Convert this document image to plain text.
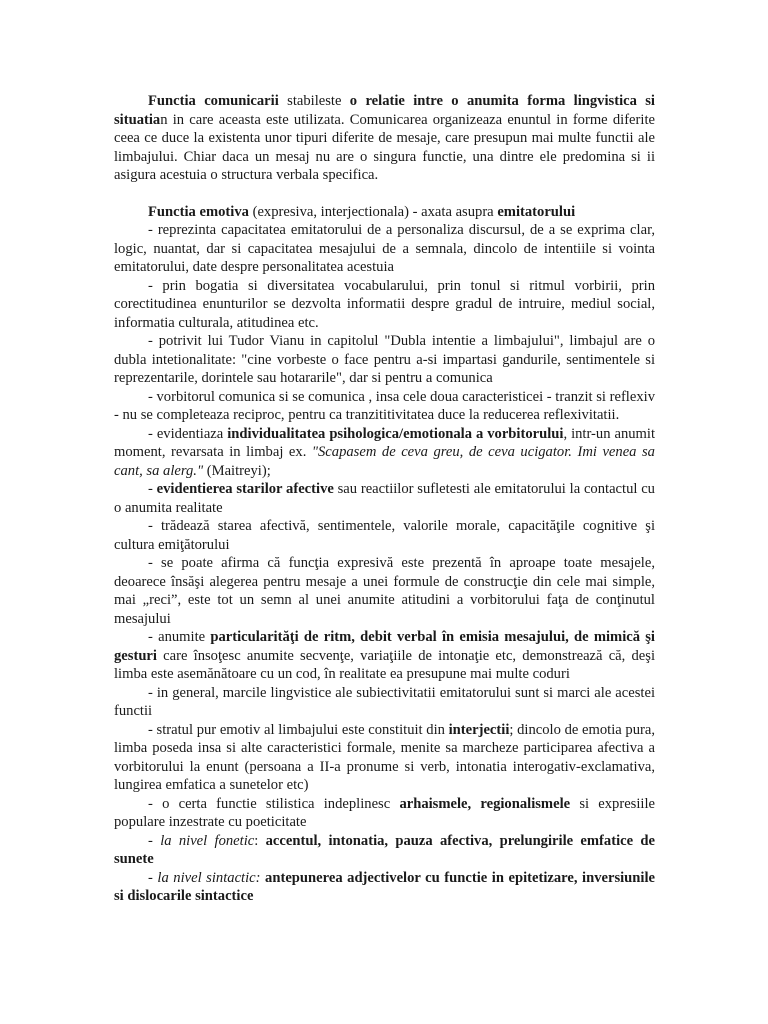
Functia comunicarii stabileste o relatie intre o anumita forma lingvistica si situatian in care aceasta este utilizata. Comunicarea organizeaza enuntul in forme diferite ceea ce duce la existenta unor tipuri diferite de mesaje, care presupun mai multe functii ale limbajului. Chiar daca un mesaj nu are o singura functie, una dintre ele predomina si ii asigura acestuia o structura verbala specifica.

Functia emotiva (expresiva, interjectionala) - axata asupra emitatorului

- reprezinta capacitatea emitatorului de a personaliza discursul, de a se exprima clar, logic, nuantat, dar si capacitatea mesajului de a semnala, dincolo de intentiile si vointa emitatorului, date despre personalitatea acestuia

- prin bogatia si diversitatea vocabularului, prin tonul si ritmul vorbirii, prin corectitudinea enunturilor se dezvolta informatii despre gradul de intruire, mediul social, informatia culturala, atitudinea etc.

- potrivit lui Tudor Vianu in capitolul "Dubla intentie a limbajului", limbajul are o dubla intetionalitate: "cine vorbeste o face pentru a-si impartasi gandurile, sentimentele si reprezentarile, dorintele sau hotararile", dar si pentru a comunica

- vorbitorul comunica si se comunica , insa cele doua caracteristicei - tranzit si reflexiv - nu se completeaza reciproc, pentru ca tranzititivitatea duce la reducerea reflexivitatii.

- evidentiaza individualitatea psihologica/emotionala a vorbitorului, intr-un anumit moment, revarsata in limbaj ex. "Scapasem de ceva greu, de ceva ucigator. Imi venea sa cant, sa alerg." (Maitreyi);

- evidentierea starilor afective sau reactiilor sufletesti ale emitatorului la contactul cu o anumita realitate

- trădează starea afectivă, sentimentele, valorile morale, capacităţile cognitive şi cultura emiţătorului

- se poate afirma că funcţia expresivă este prezentă în aproape toate mesajele, deoarece însăşi alegerea pentru mesaje a unei formule de construcţie din cele mai simple, mai „reci”, este tot un semn al unei anumite atitudini a vorbitorului faţa de conţinutul mesajului

- anumite particularităţi de ritm, debit verbal în emisia mesajului, de mimică şi gesturi care însoţesc anumite secvenţe, variaţiile de intonaţie etc, demonstrează că, deşi limba este asemănătoare cu un cod, în realitate ea presupune mai multe coduri

- in general, marcile lingvistice ale subiectivitatii emitatorului sunt si marci ale acestei functii

- stratul pur emotiv al limbajului este constituit din interjectii; dincolo de emotia pura, limba poseda insa si alte caracteristici formale, menite sa marcheze participarea afectiva a vorbitorului la enunt (persoana a II-a pronume si verb, intonatia interogativ-exclamativa, lungirea emfatica a sunetelor etc)

- o certa functie stilistica indeplinesc arhaismele, regionalismele si expresiile populare inzestrate cu poeticitate

- la nivel fonetic: accentul, intonatia, pauza afectiva, prelungirile emfatice de sunete

- la nivel sintactic: antepunerea adjectivelor cu functie in epitetizare, inversiunile si dislocarile sintactice
